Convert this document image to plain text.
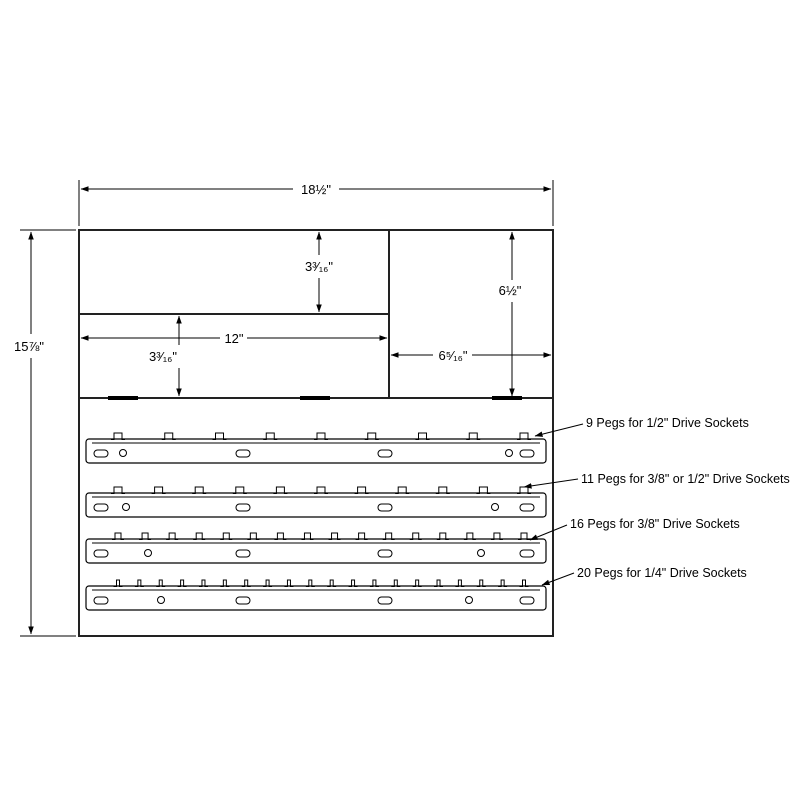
18½"
15⅞"
3³⁄₁₆"
12"
3³⁄₁₆"
6½"
6⁵⁄₁₆"
9 Pegs for 1/2" Drive Sockets
11 Pegs for 3/8" or 1/2" Drive Sockets
16 Pegs for 3/8" Drive Sockets
20 Pegs for 1/4" Drive Sockets
